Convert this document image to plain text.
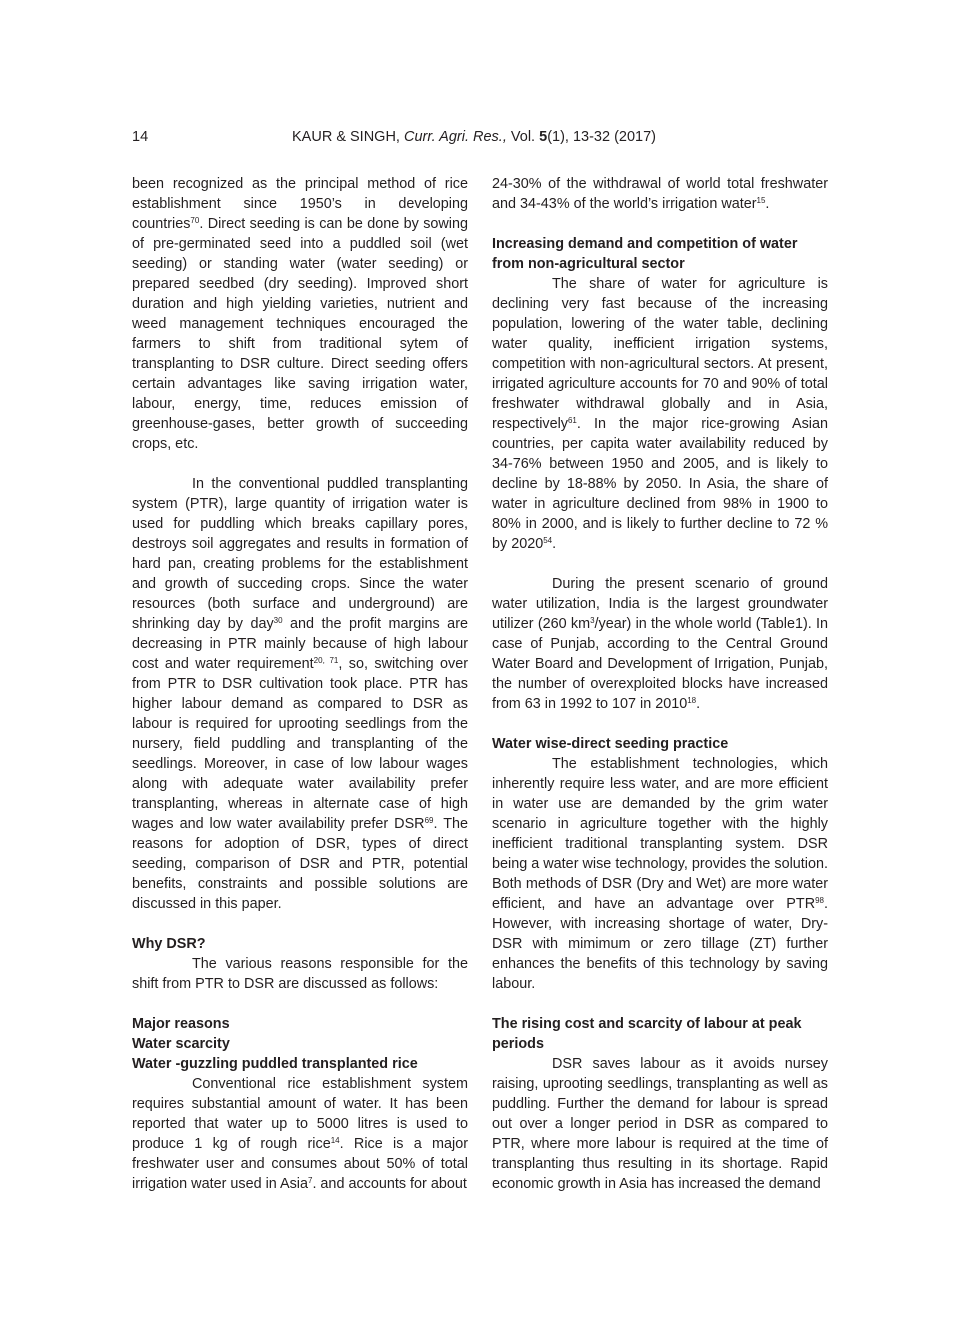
14	KAUR & SINGH, Curr. Agri. Res., Vol. 5(1), 13-32 (2017)

been recognized as the principal method of rice establishment since 1950’s in developing countries$^{70}$. Direct seeding is can be done by sowing of pre-germinated seed into a puddled soil (wet seeding) or standing water (water seeding) or prepared seedbed (dry seeding). Improved short duration and high yielding varieties, nutrient and weed management techniques encouraged the farmers to shift from traditional sytem of transplanting to DSR culture. Direct seeding offers certain advantages like saving irrigation water, labour, energy, time, reduces emission of greenhouse-gases, better growth of succeeding crops, etc.

In the conventional puddled transplanting system (PTR), large quantity of irrigation water is used for puddling which breaks capillary pores, destroys soil aggregates and results in formation of hard pan, creating problems for the establishment and growth of succeding crops. Since the water resources (both surface and underground) are shrinking day by day$^{30}$ and the profit margins are decreasing in PTR mainly because of high labour cost and water requirement$^{20, 71}$, so, switching over from PTR to DSR cultivation took place. PTR has higher labour demand as compared to DSR as labour is required for uprooting seedlings from the nursery, field puddling and transplanting of the seedlings. Moreover, in case of low labour wages along with adequate water availability prefer transplanting, whereas in alternate case of high wages and low water availability prefer DSR$^{69}$. The reasons for adoption of DSR, types of direct seeding, comparison of DSR and PTR, potential benefits, constraints and possible solutions are discussed in this paper.

Why DSR?

The various reasons responsible for the shift from PTR to DSR are discussed as follows:

Major reasons
Water scarcity
Water -guzzling puddled transplanted rice

Conventional rice establishment system requires substantial amount of water. It has been reported that water up to 5000 litres is used to produce 1 kg of rough rice$^{14}$. Rice is a major freshwater user and consumes about 50% of total irrigation water used in Asia$^7$. and accounts for about

24-30% of the withdrawal of world total freshwater and 34-43% of the world’s irrigation water$^{15}$.

Increasing demand and competition of water from non-agricultural sector

The share of water for agriculture is declining very fast because of the increasing population, lowering of the water table, declining water quality, inefficient irrigation systems, competition with non-agricultural sectors. At present, irrigated agriculture accounts for 70 and 90% of total freshwater withdrawal globally and in Asia, respectively$^{61}$. In the major rice-growing Asian countries, per capita water availability reduced by 34-76% between 1950 and 2005, and is likely to decline by 18-88% by 2050. In Asia, the share of water in agriculture declined from 98% in 1900 to 80% in 2000, and is likely to further decline to 72 % by 2020$^{54}$.

During the present scenario of ground water utilization, India is the largest groundwater utilizer (260 $km^3/year$) in the whole world (Table1). In case of Punjab, according to the Central Ground Water Board and Development of Irrigation, Punjab, the number of overexploited blocks have increased from 63 in 1992 to 107 in 2010$^{18}$.

Water wise-direct seeding practice

The establishment technologies, which inherently require less water, and are more efficient in water use are demanded by the grim water scenario in agriculture together with the highly inefficient traditional transplanting system. DSR being a water wise technology, provides the solution. Both methods of DSR (Dry and Wet) are more water efficient, and have an advantage over PTR$^{98}$. However, with increasing shortage of water, Dry-DSR with mimimum or zero tillage (ZT) further enhances the benefits of this technology by saving labour.

The rising cost and scarcity of labour at peak periods

DSR saves labour as it avoids nursey raising, uprooting seedlings, transplanting as well as puddling. Further the demand for labour is spread out over a longer period in DSR as compared to PTR, where more labour is required at the time of transplanting thus resulting in its shortage. Rapid economic growth in Asia has increased the demand
